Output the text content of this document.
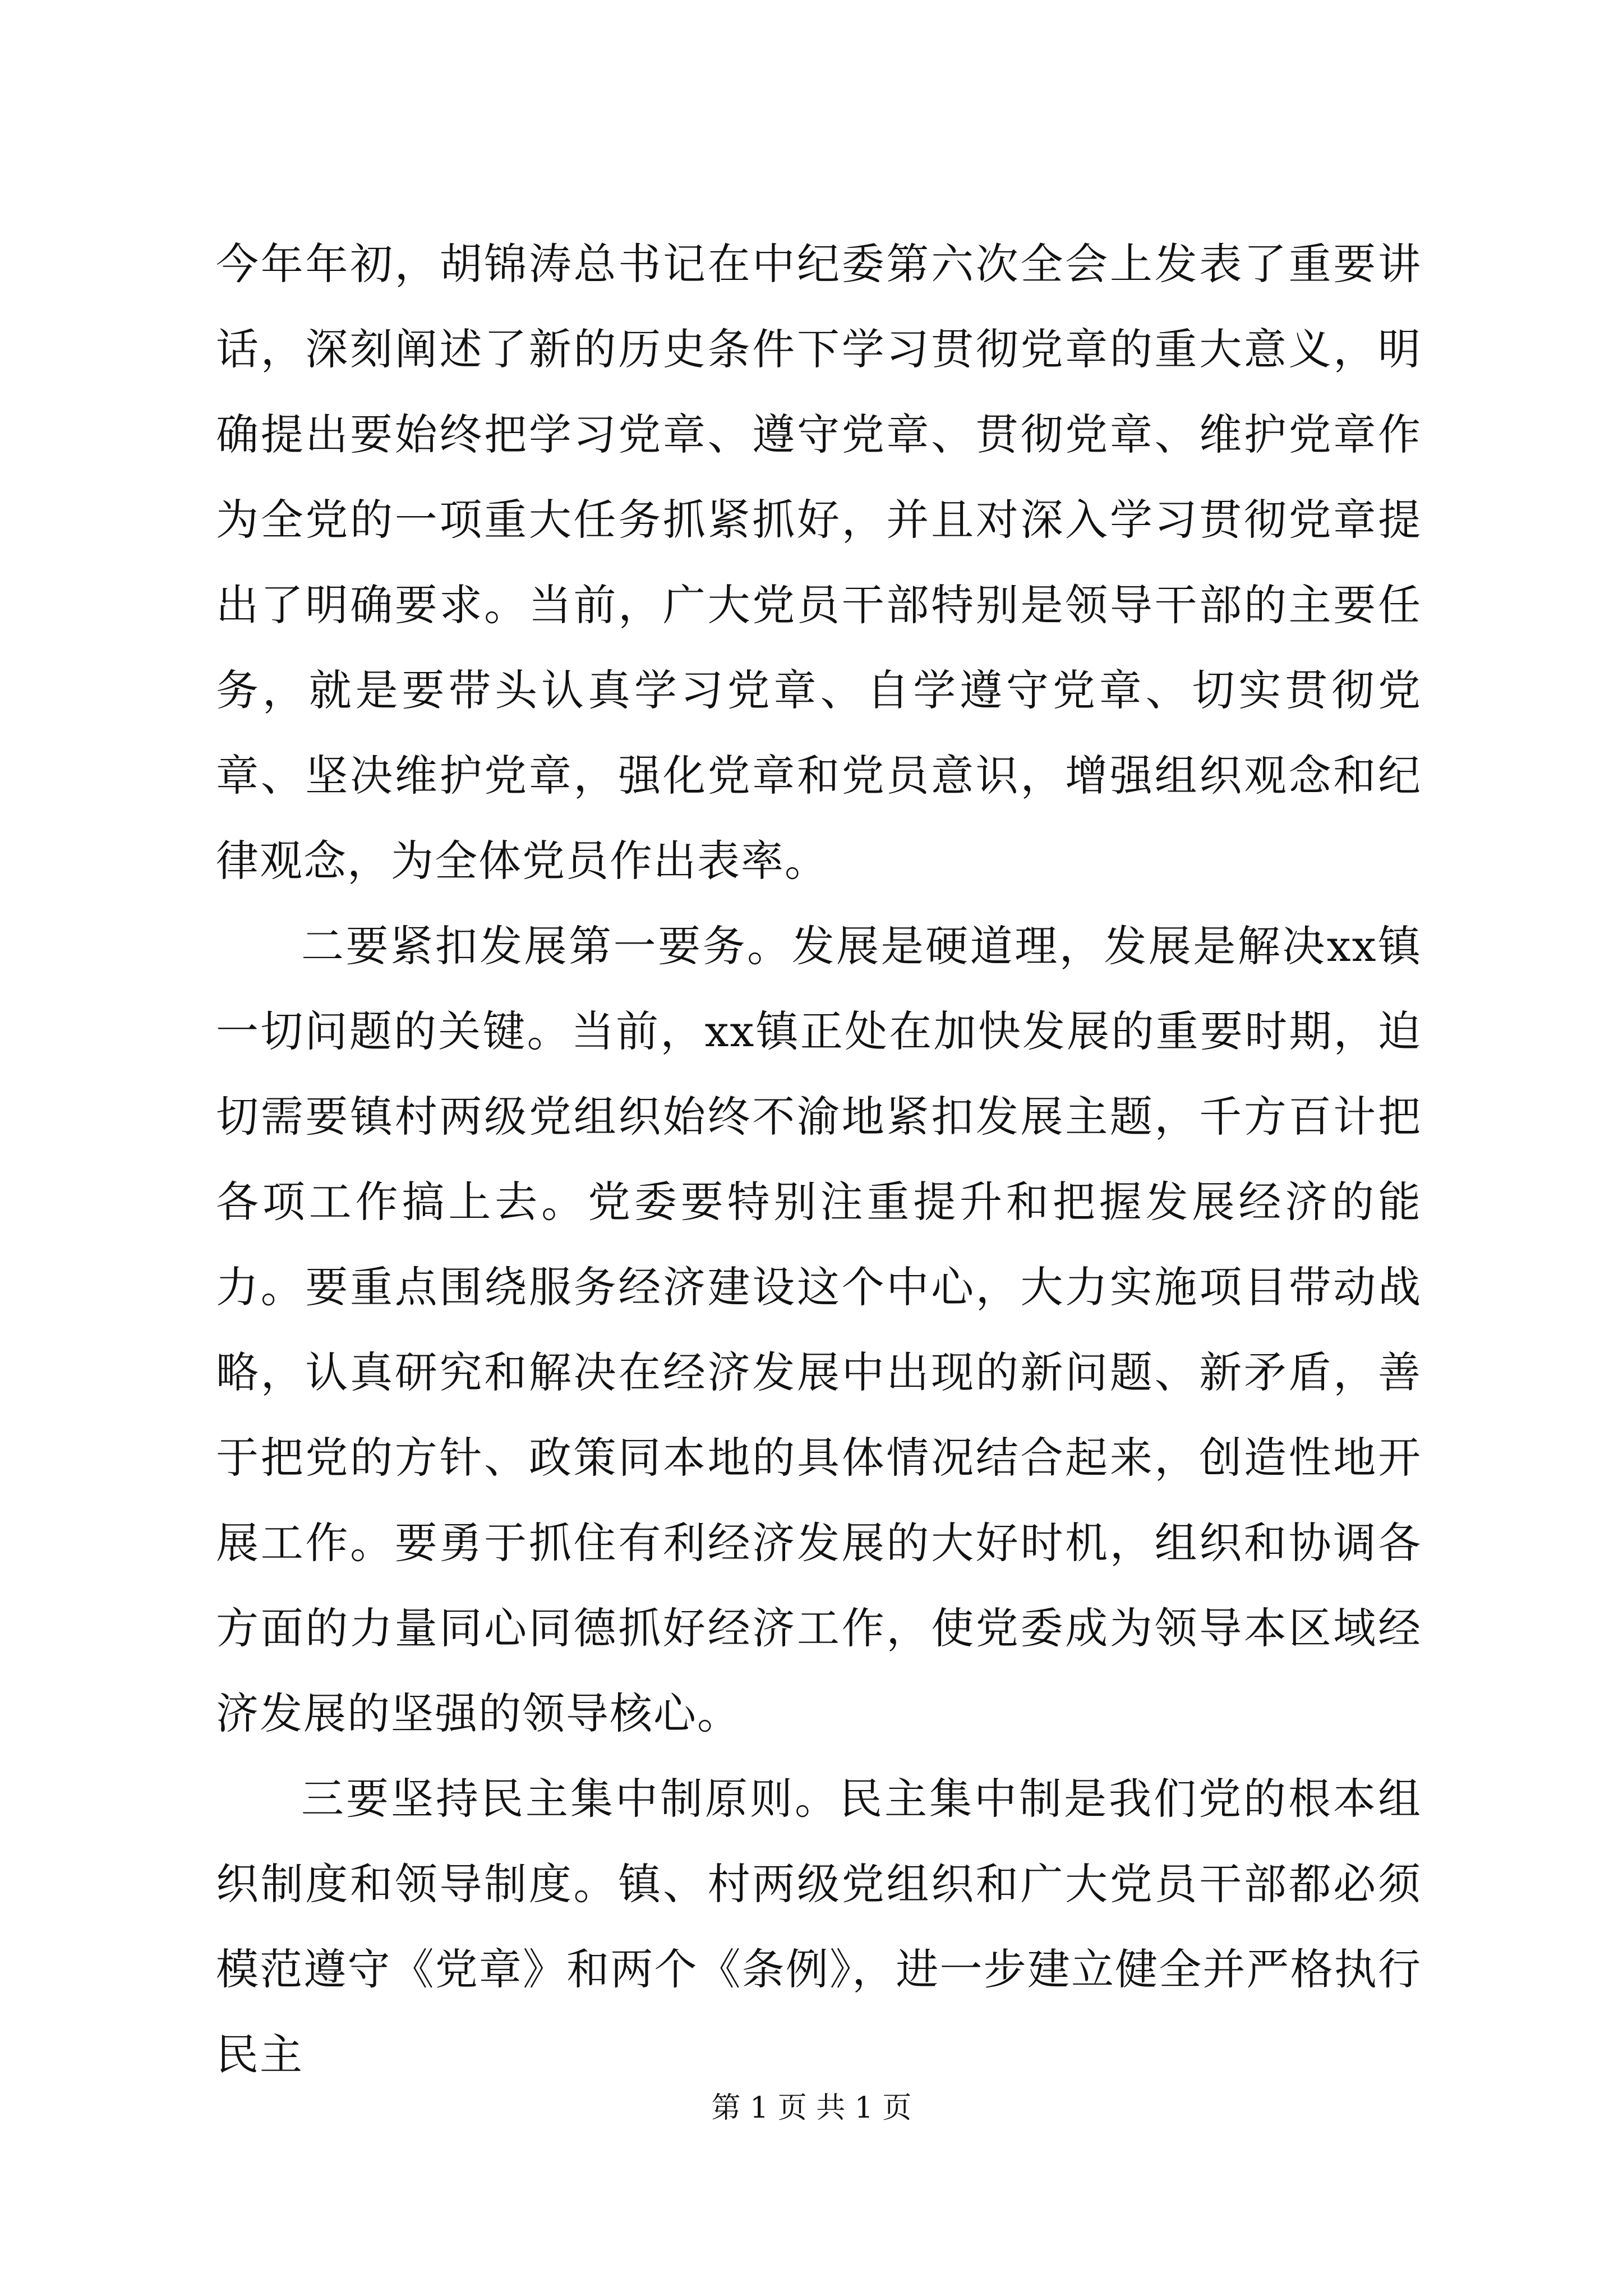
今年年初，胡锦涛总书记在中纪委第六次全会上发表了重要讲话，深刻阐述了新的历史条件下学习贯彻党章的重大意义，明确提出要始终把学习党章、遵守党章、贯彻党章、维护党章作为全党的一项重大任务抓紧抓好，并且对深入学习贯彻党章提出了明确要求。当前，广大党员干部特别是领导干部的主要任务，就是要带头认真学习党章、自学遵守党章、切实贯彻党章、坚决维护党章，强化党章和党员意识，增强组织观念和纪律观念，为全体党员作出表率。

二要紧扣发展第一要务。发展是硬道理，发展是解决xx镇一切问题的关键。当前，xx镇正处在加快发展的重要时期，迫切需要镇村两级党组织始终不渝地紧扣发展主题，千方百计把各项工作搞上去。党委要特别注重提升和把握发展经济的能力。要重点围绕服务经济建设这个中心，大力实施项目带动战略，认真研究和解决在经济发展中出现的新问题、新矛盾，善于把党的方针、政策同本地的具体情况结合起来，创造性地开展工作。要勇于抓住有利经济发展的大好时机，组织和协调各方面的力量同心同德抓好经济工作，使党委成为领导本区域经济发展的坚强的领导核心。

三要坚持民主集中制原则。民主集中制是我们党的根本组织制度和领导制度。镇、村两级党组织和广大党员干部都必须模范遵守《党章》和两个《条例》，进一步建立健全并严格执行民主

第 1 页 共 1 页
